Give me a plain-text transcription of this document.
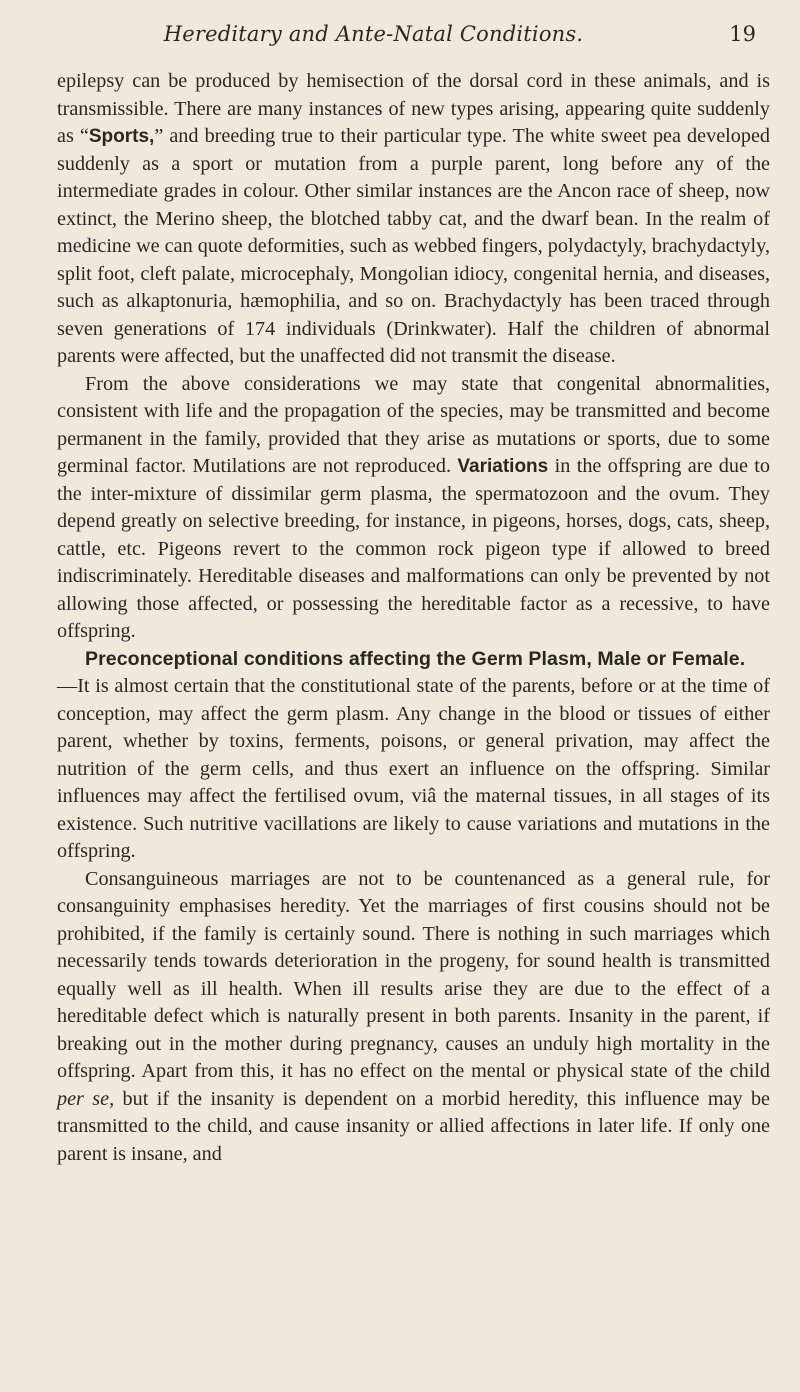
Hereditary and Ante-Natal Conditions.	19

epilepsy can be produced by hemisection of the dorsal cord in these animals, and is transmissible. There are many instances of new types arising, appearing quite suddenly as “Sports,” and breeding true to their particular type. The white sweet pea developed suddenly as a sport or mutation from a purple parent, long before any of the intermediate grades in colour. Other similar instances are the Ancon race of sheep, now extinct, the Merino sheep, the blotched tabby cat, and the dwarf bean. In the realm of medicine we can quote deformities, such as webbed fingers, polydactyly, brachydactyly, split foot, cleft palate, microcephaly, Mongolian idiocy, congenital hernia, and diseases, such as alkaptonuria, hæmophilia, and so on. Brachydactyly has been traced through seven generations of 174 individuals (Drinkwater). Half the children of abnormal parents were affected, but the unaffected did not transmit the disease.

From the above considerations we may state that congenital abnormalities, consistent with life and the propagation of the species, may be transmitted and become permanent in the family, provided that they arise as mutations or sports, due to some germinal factor. Mutilations are not reproduced. Variations in the offspring are due to the inter-mixture of dissimilar germ plasma, the spermatozoon and the ovum. They depend greatly on selective breeding, for instance, in pigeons, horses, dogs, cats, sheep, cattle, etc. Pigeons revert to the common rock pigeon type if allowed to breed indiscriminately. Hereditable diseases and malformations can only be prevented by not allowing those affected, or possessing the hereditable factor as a recessive, to have offspring.

Preconceptional conditions affecting the Germ Plasm, Male or Female.
—It is almost certain that the constitutional state of the parents, before or at the time of conception, may affect the germ plasm. Any change in the blood or tissues of either parent, whether by toxins, ferments, poisons, or general privation, may affect the nutrition of the germ cells, and thus exert an influence on the offspring. Similar influences may affect the fertilised ovum, viâ the maternal tissues, in all stages of its existence. Such nutritive vacillations are likely to cause variations and mutations in the offspring.

Consanguineous marriages are not to be countenanced as a general rule, for consanguinity emphasises heredity. Yet the marriages of first cousins should not be prohibited, if the family is certainly sound. There is nothing in such marriages which necessarily tends towards deterioration in the progeny, for sound health is transmitted equally well as ill health. When ill results arise they are due to the effect of a hereditable defect which is naturally present in both parents. Insanity in the parent, if breaking out in the mother during pregnancy, causes an unduly high mortality in the offspring. Apart from this, it has no effect on the mental or physical state of the child per se, but if the insanity is dependent on a morbid heredity, this influence may be transmitted to the child, and cause insanity or allied affections in later life. If only one parent is insane, and
